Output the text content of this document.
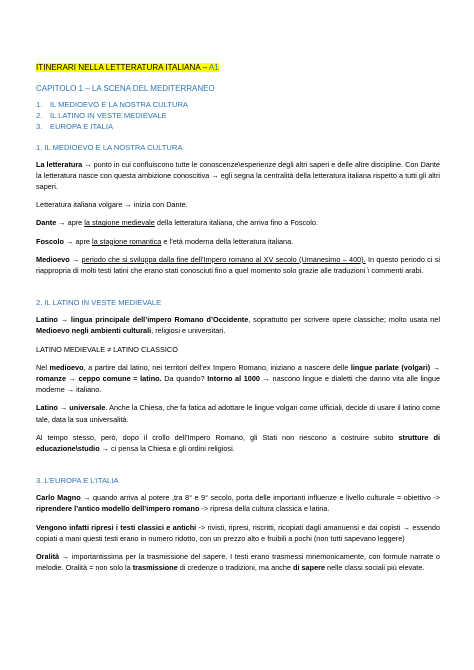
ITINERARI NELLA LETTERATURA ITALIANA – A1
CAPITOLO 1 – LA SCENA DEL MEDITERRANEO
1. IL MEDIOEVO E LA NOSTRA CULTURA
2. IL LATINO IN VESTE MEDIEVALE
3. EUROPA E ITALIA
1. IL MEDIOEVO E LA NOSTRA CULTURA

La letteratura → punto in cui confluiscono tutte le conoscenze\esperienze degli altri saperi e delle altre discipline. Con Dante la letteratura nasce con questa ambizione conoscitiva → egli segna la centralità della letteratura italiana rispetto a tutti gli altri saperi.

Letteratura italiana volgare → inizia con Dante.

Dante → apre la stagione medievale della letteratura italiana, che arriva fino a Foscolo.

Foscolo → apre la stagione romantica e l’età moderna della letteratura italiana.

Medioevo → periodo che si sviluppa dalla fine dell’Impero romano al XV secolo (Umanesimo – 400). In questo periodo ci si riappropria di molti testi latini che erano stati conosciuti fino a quel momento solo grazie alle traduzioni \ commenti arabi.

2. IL LATINO IN VESTE MEDIEVALE

Latino → lingua principale dell’impero Romano d’Occidente, soprattutto per scrivere opere classiche; molto usata nel Medioevo negli ambienti culturali, religiosi e universitari.

LATINO MEDIEVALE ≠ LATINO CLASSICO

Nel medioevo, a partire dal latino, nei territori dell’ex Impero Romano, iniziano a nascere delle lingue parlate (volgari) → romanze → ceppo comune = latino. Da quando? Intorno al 1000 → nascono lingue e dialetti che danno vita alle lingue moderne → italiano.

Latino → universale. Anche la Chiesa, che fa fatica ad adottare le lingue volgari come ufficiali, decide di usare il latino come tale, data la sua universalità.

Al tempo stesso, però, dopo il crollo dell’Impero Romano, gli Stati non riescono a costruire subito strutture di educazione\studio → ci pensa la Chiesa e gli ordini religiosi.

3. L’EUROPA E L’ITALIA

Carlo Magno → quando arriva al potere ,tra 8° e 9° secolo, porta delle importanti influenze e livello culturale = obiettivo -> riprendere l’antico modello dell’impero romano -> ripresa della cultura classica e latina.

Vengono infatti ripresi i testi classici e antichi -> rivisti, ripresi, riscritti, ricopiati dagli amanuensi e dai copisti → essendo copiati a mani questi testi erano in numero ridotto, con un prezzo alto e fruibili a pochi (non tutti sapevano leggere)

Oralità → importantissima per la trasmissione del sapere. I testi erano trasmessi mnemonicamente, con formule narrate o melodie. Oralità = non solo la trasmissione di credenze o tradizioni, ma anche di sapere nelle classi sociali più elevate.
